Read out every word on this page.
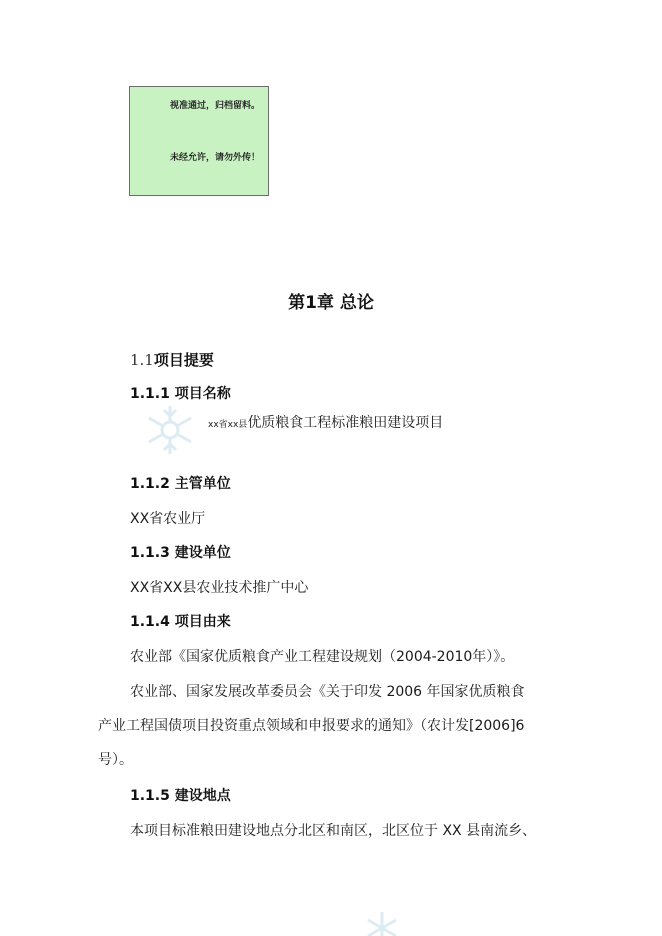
视准通过，归档留料。
未经允许，请勿外传！
第1章 总论
1.1项目提要
1.1.1 项目名称
xx省xx县优质粮食工程标准粮田建设项目
1.1.2 主管单位
XX省农业厅
1.1.3 建设单位
XX省XX县农业技术推广中心
1.1.4 项目由来
农业部《国家优质粮食产业工程建设规划（2004-2010年）》。
农业部、国家发展改革委员会《关于印发 2006 年国家优质粮食
产业工程国债项目投资重点领域和申报要求的通知》（农计发[2006]6
号）。
1.1.5 建设地点
本项目标准粮田建设地点分北区和南区，北区位于 XX 县南流乡、
